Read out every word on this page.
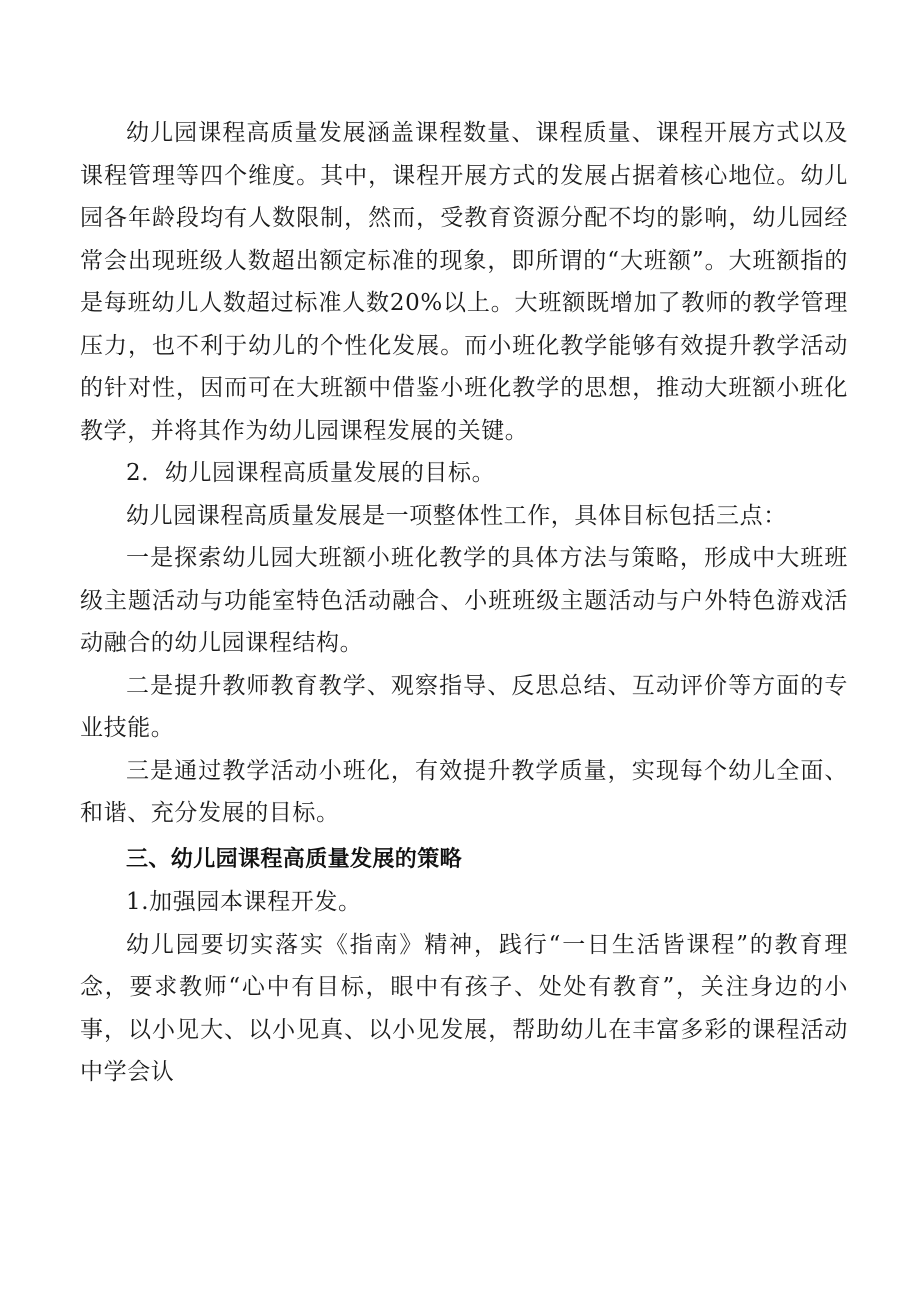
幼儿园课程高质量发展涵盖课程数量、课程质量、课程开展方式以及课程管理等四个维度。其中，课程开展方式的发展占据着核心地位。幼儿园各年龄段均有人数限制，然而，受教育资源分配不均的影响，幼儿园经常会出现班级人数超出额定标准的现象，即所谓的“大班额”。大班额指的是每班幼儿人数超过标准人数20%以上。大班额既增加了教师的教学管理压力，也不利于幼儿的个性化发展。而小班化教学能够有效提升教学活动的针对性，因而可在大班额中借鉴小班化教学的思想，推动大班额小班化教学，并将其作为幼儿园课程发展的关键。

2．幼儿园课程高质量发展的目标。

幼儿园课程高质量发展是一项整体性工作，具体目标包括三点：

一是探索幼儿园大班额小班化教学的具体方法与策略，形成中大班班级主题活动与功能室特色活动融合、小班班级主题活动与户外特色游戏活动融合的幼儿园课程结构。

二是提升教师教育教学、观察指导、反思总结、互动评价等方面的专业技能。

三是通过教学活动小班化，有效提升教学质量，实现每个幼儿全面、和谐、充分发展的目标。

三、幼儿园课程高质量发展的策略

1.加强园本课程开发。

幼儿园要切实落实《指南》精神，践行“一日生活皆课程”的教育理念，要求教师“心中有目标，眼中有孩子、处处有教育”，关注身边的小事，以小见大、以小见真、以小见发展，帮助幼儿在丰富多彩的课程活动中学会认
